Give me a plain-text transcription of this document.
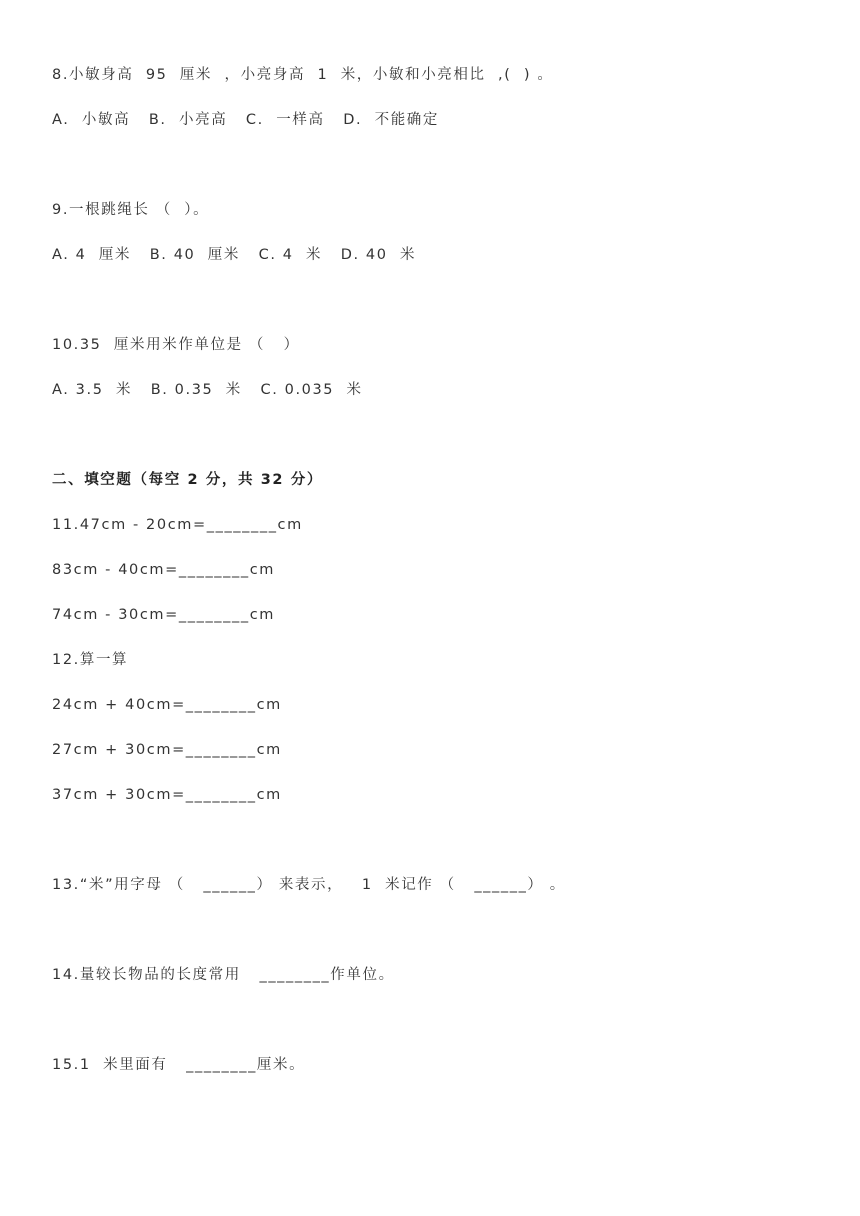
8.小敏身高  95  厘米  ，小亮身高  1  米，小敏和小亮相比  ,(  ) 。
A.  小敏高   B.  小亮高   C.  一样高   D.  不能确定
9.一根跳绳长 （  ）。
A. 4  厘米   B. 40  厘米   C. 4  米   D. 40  米
10.35  厘米用米作单位是 （   ）
A. 3.5  米   B. 0.35  米   C. 0.035  米
二、填空题（每空 2 分，共 32 分）
11.47cm - 20cm=________cm
83cm - 40cm=________cm
74cm - 30cm=________cm
12.算一算
24cm + 40cm=________cm
27cm + 30cm=________cm
37cm + 30cm=________cm
13.“米”用字母 （   ______） 来表示，   1  米记作 （   ______） 。
14.量较长物品的长度常用   ________作单位。
15.1  米里面有   ________厘米。
